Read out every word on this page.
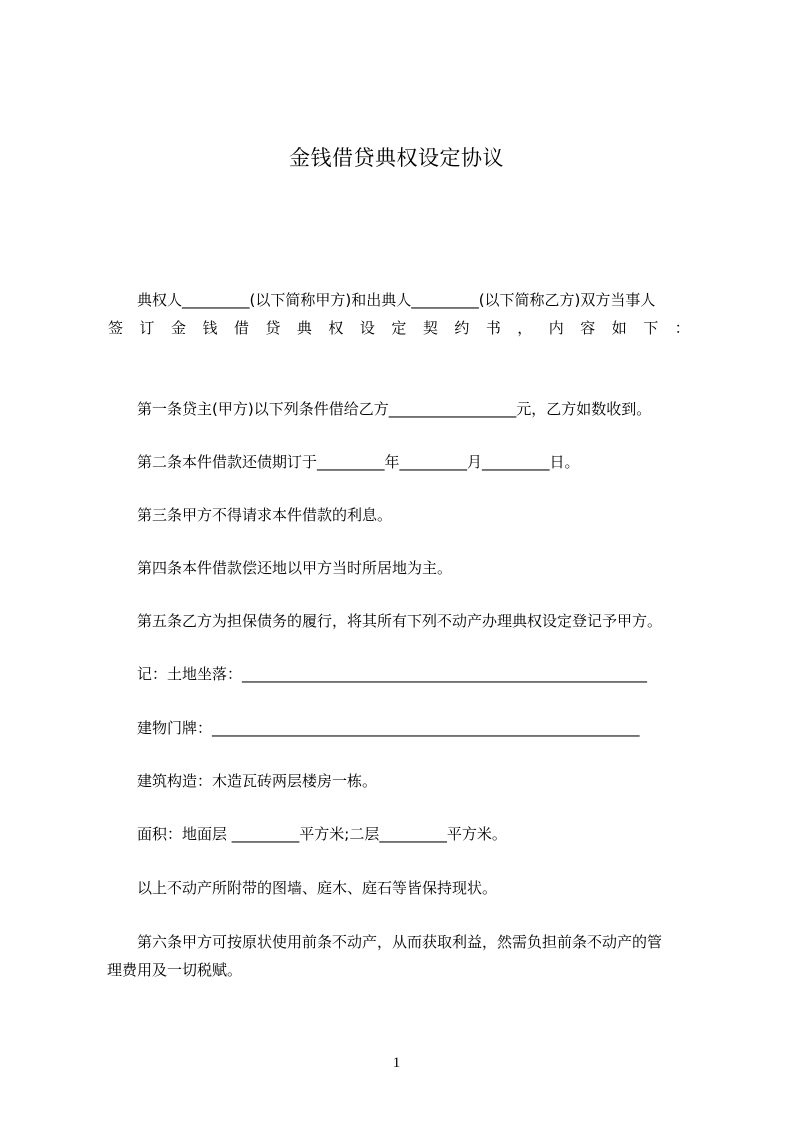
金钱借贷典权设定协议
典权人_________(以下简称甲方)和出典人_________(以下简称乙方)双方当事人
签 订 金 钱 借 贷 典 权 设 定 契 约 书 ， 内 容 如 下 ：
第一条贷主(甲方)以下列条件借给乙方_________________元，乙方如数收到。
第二条本件借款还债期订于_________年_________月_________日。
第三条甲方不得请求本件借款的利息。
第四条本件借款偿还地以甲方当时所居地为主。
第五条乙方为担保债务的履行，将其所有下列不动产办理典权设定登记予甲方。
记：土地坐落：______________________________________________________
建物门牌：_________________________________________________________
建筑构造：木造瓦砖两层楼房一栋。
面积：地面层 _________平方米;二层_________平方米。
以上不动产所附带的图墙、庭木、庭石等皆保持现状。
第六条甲方可按原状使用前条不动产，从而获取利益，然需负担前条不动产的管
理费用及一切税赋。
1
